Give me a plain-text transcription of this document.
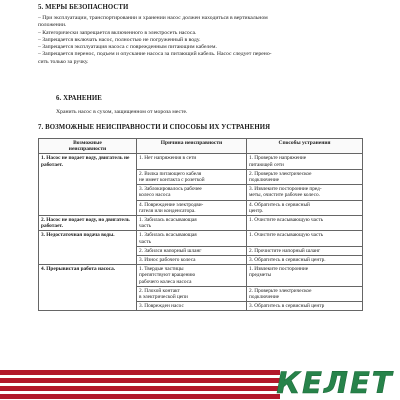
5. МЕРЫ БЕЗОПАСНОСТИ
– При эксплуатации, транспортировании и хранении насос должен находиться в вертикальном
положении.
– Категорически запрещается включенного в электросеть насоса.
– Запрещается включать насос, полностью не погруженный в воду.
– Запрещается эксплуатация насоса с поврежденным питающим кабелем.
– Запрещается перенос, подъем и опускание насоса за питающий кабель. Насос следует перено-
сить только за ручку.
6. ХРАНЕНИЕ
Хранить насос в сухом, защищенном от мороза месте.
7. ВОЗМОЖНЫЕ НЕИСПРАВНОСТИ И СПОСОБЫ ИХ УСТРАНЕНИЯ
Возможные
неисправности	Причина неисправности	Способы устранения
1. Насос не подает воду, двигатель не работает.	1. Нет напряжения в сети	1. Проверьте напряжение
питающей сети
	2. Вилка питающего кабеля
не имеет контакта с розеткой	2. Проверьте электрическое
подключение
	3. Заблокировалось рабочее
колесо насоса	3. Извлеките посторонние пред-
меты, очистите рабочее колесо.
	4. Повреждение электродви-
гателя или конденсатора.	4. Обратитесь в сервисный
центр.
2. Насос не подает воду, но двигатель работает.	1. Забилась всасывающая
часть	1. Очистите всасывающую часть
3. Недостаточная подача воды.	1. Забилась всасывающая
часть	1. Очистите всасывающую часть
	2. Забился напорный шланг	2. Прочистите напорный шланг
	3. Износ рабочего колеса	3. Обратитесь в сервисный центр.
4. Прерывистая работа насоса.	1. Твердые частицы
препятствуют вращению
рабочего колеса насоса	1. Извлеките посторонние
предметы
	2. Плохой контакт
в электрической цепи	2. Проверьте электрическое
подключение
	3. Поврежден насос	3. Обратитесь в сервисный центр
КЕЛЕТ
